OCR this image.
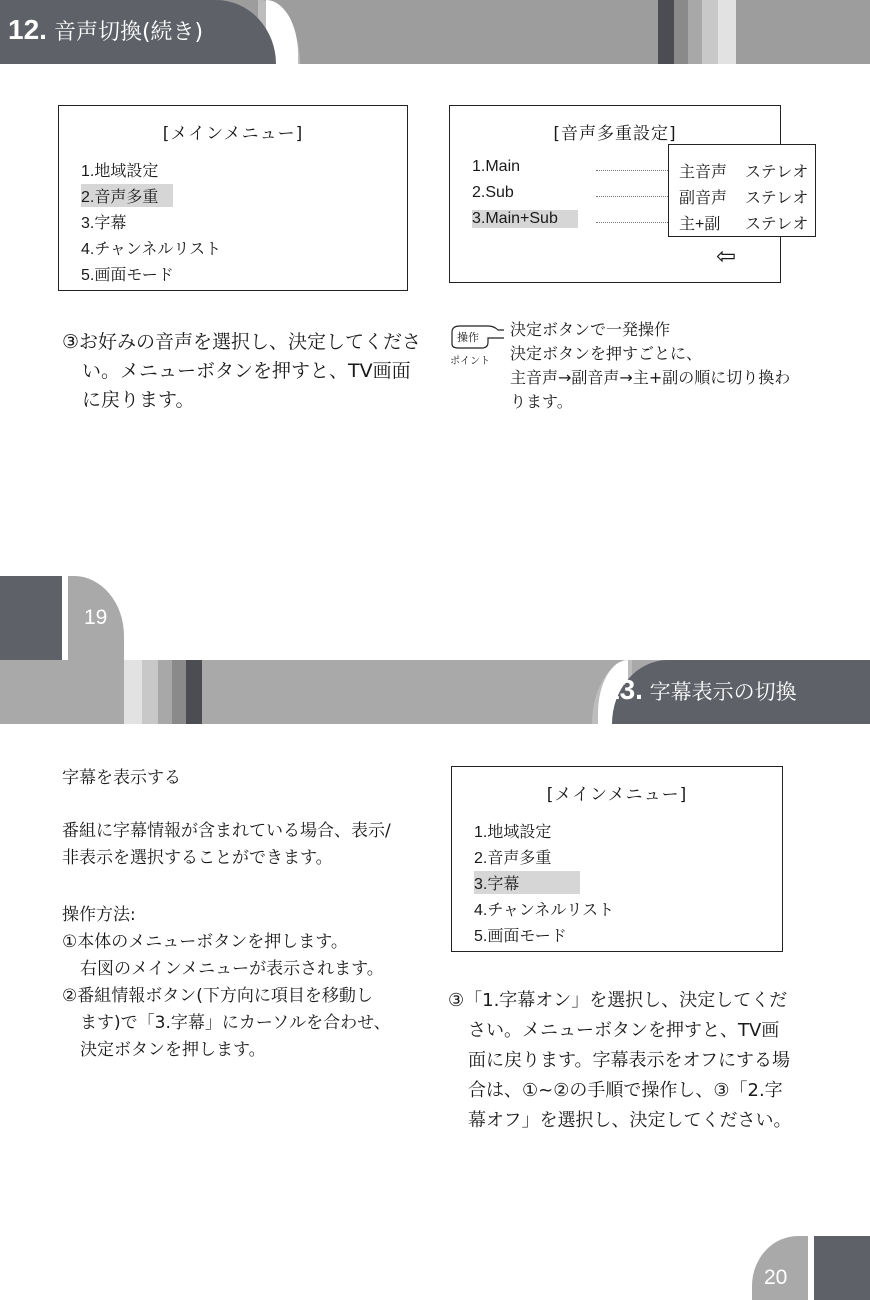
12. 音声切換(続き)
[メインメニュー]
1.地域設定
2.音声多重
3.字幕
4.チャンネルリスト
5.画面モード
[音声多重設定]
1.Main
2.Sub
3.Main+Sub
⇦
主音声 ステレオ
副音声 ステレオ
主+副 ステレオ
③お好みの音声を選択し、決定してくださ
い。メニューボタンを押すと、TV画面
に戻ります。
操作
ポイント
決定ボタンで一発操作
決定ボタンを押すごとに、
主音声→副音声→主+副の順に切り換わ
ります。
19
13. 字幕表示の切換
字幕を表示する
番組に字幕情報が含まれている場合、表示/
非表示を選択することができます。
操作方法:
①本体のメニューボタンを押します。
右図のメインメニューが表示されます。
②番組情報ボタン(下方向に項目を移動し
ます)で「3.字幕」にカーソルを合わせ、
決定ボタンを押します。
[メインメニュー]
1.地域設定
2.音声多重
3.字幕
4.チャンネルリスト
5.画面モード
③「1.字幕オン」を選択し、決定してくだ
さい。メニューボタンを押すと、TV画
面に戻ります。字幕表示をオフにする場
合は、①~②の手順で操作し、③「2.字
幕オフ」を選択し、決定してください。
20
